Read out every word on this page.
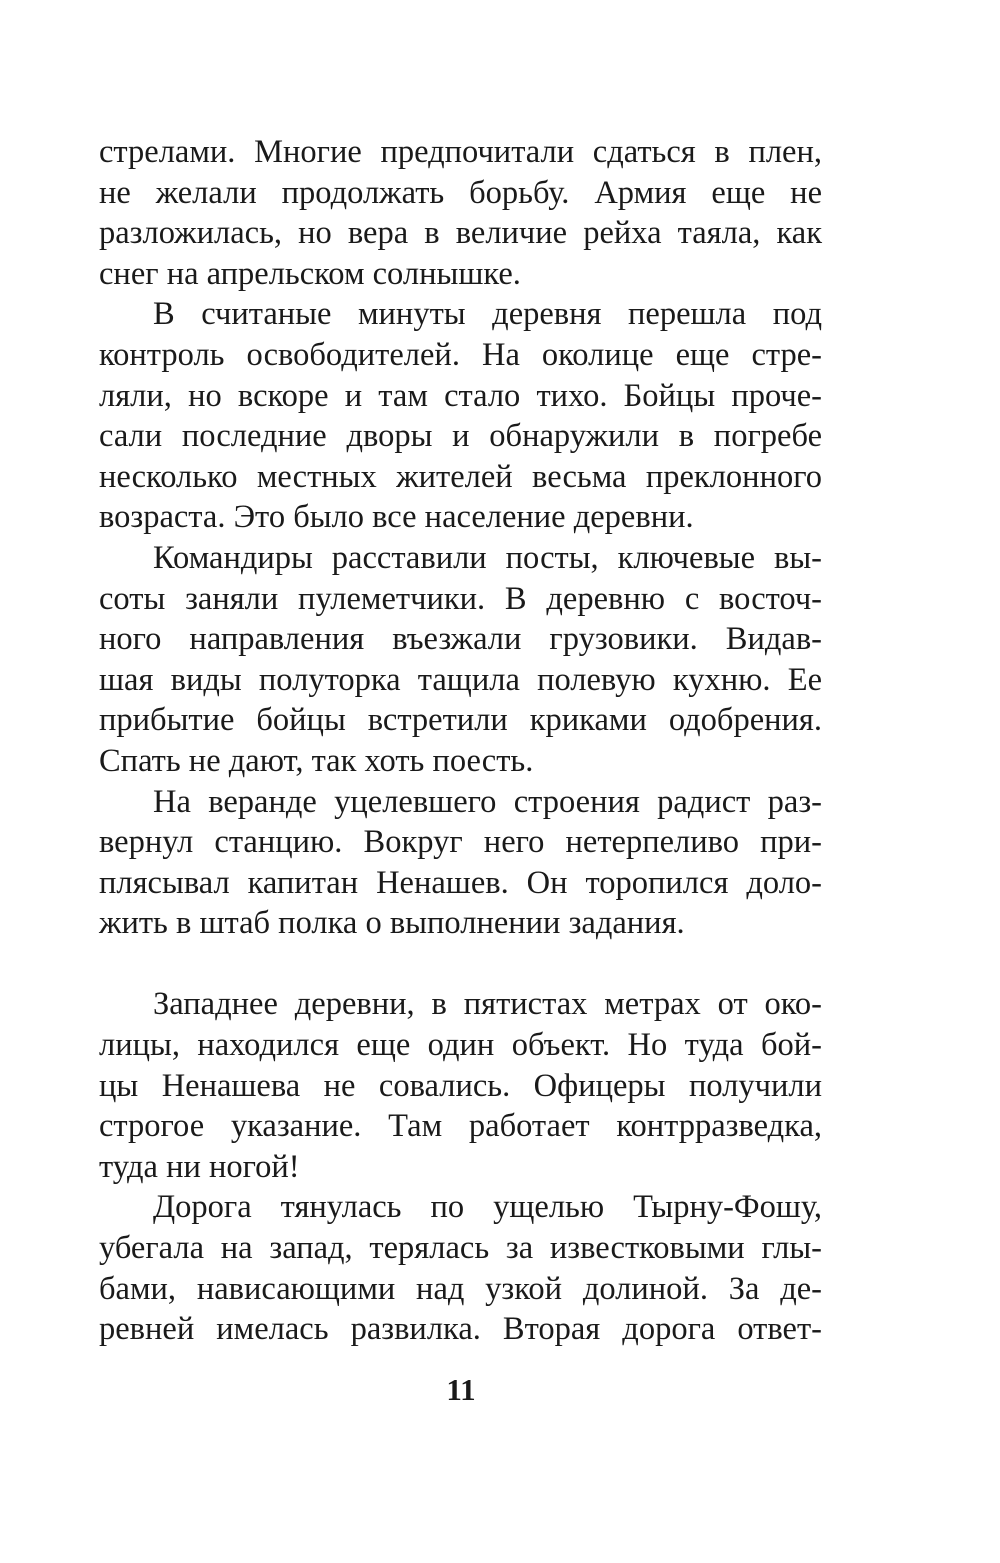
стрелами. Многие предпочитали сдаться в плен,
не желали продолжать борьбу. Армия еще не
разложилась, но вера в величие рейха таяла, как
снег на апрельском солнышке.
В считаные минуты деревня перешла под
контроль освободителей. На околице еще стре-
ляли, но вскоре и там стало тихо. Бойцы проче-
сали последние дворы и обнаружили в погребе
несколько местных жителей весьма преклонного
возраста. Это было все население деревни.
Командиры расставили посты, ключевые вы-
соты заняли пулеметчики. В деревню с восточ-
ного направления въезжали грузовики. Видав-
шая виды полуторка тащила полевую кухню. Ее
прибытие бойцы встретили криками одобрения.
Спать не дают, так хоть поесть.
На веранде уцелевшего строения радист раз-
вернул станцию. Вокруг него нетерпеливо при-
плясывал капитан Ненашев. Он торопился доло-
жить в штаб полка о выполнении задания.
Западнее деревни, в пятистах метрах от око-
лицы, находился еще один объект. Но туда бой-
цы Ненашева не совались. Офицеры получили
строгое указание. Там работает контрразведка,
туда ни ногой!
Дорога тянулась по ущелью Тырну-Фошу,
убегала на запад, терялась за известковыми глы-
бами, нависающими над узкой долиной. За де-
ревней имелась развилка. Вторая дорога ответ-
11
